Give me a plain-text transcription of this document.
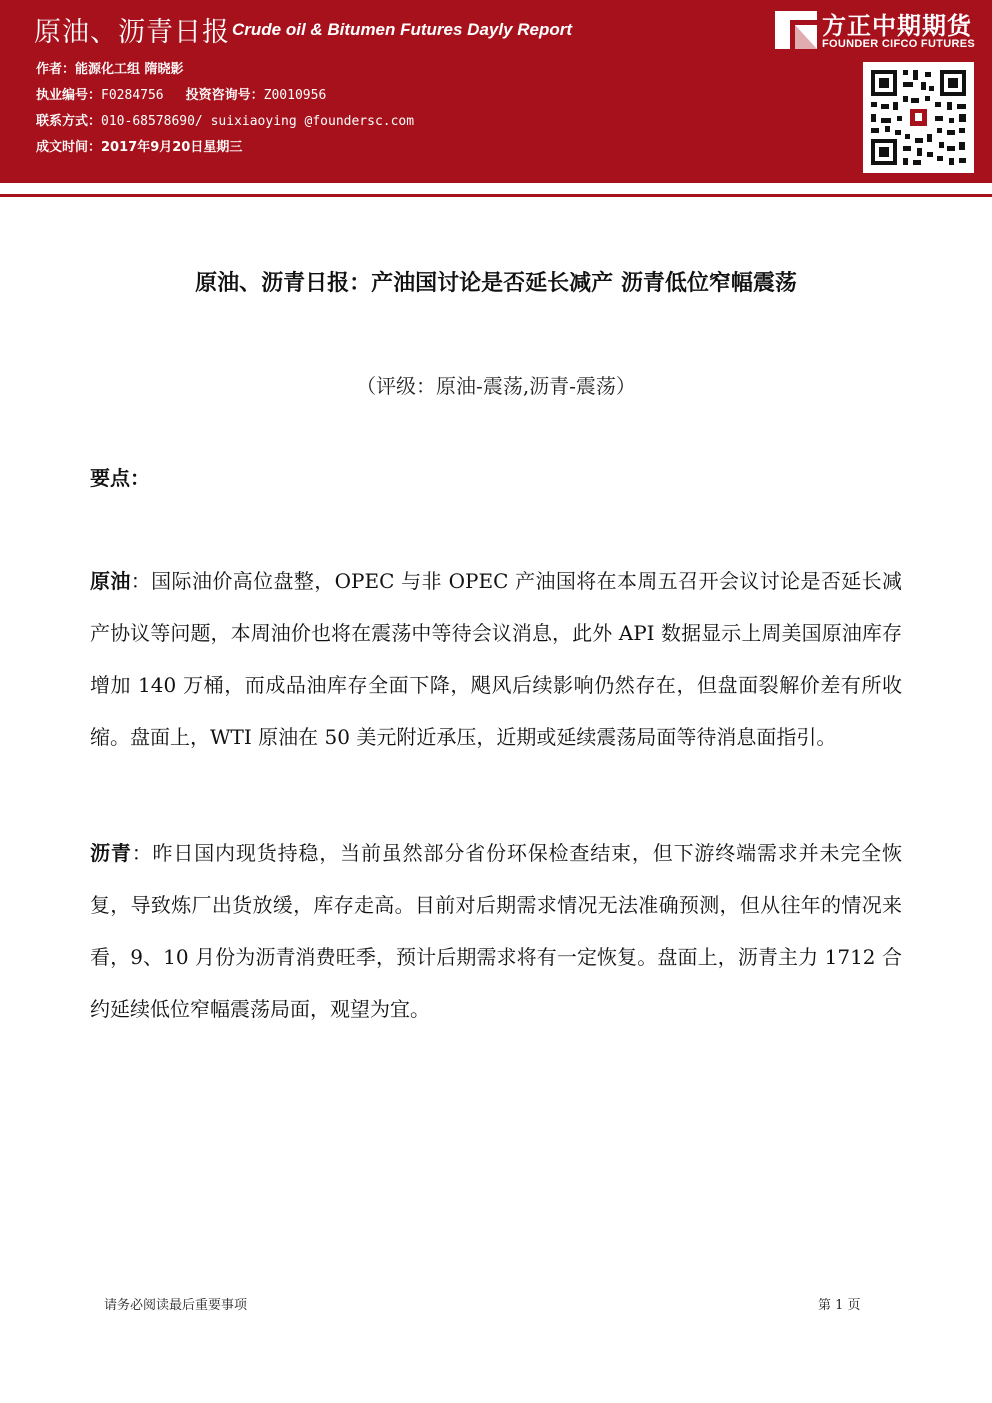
原油、沥青日报 Crude oil & Bitumen Futures Dayly Report
作者：能源化工组 隋晓影
执业编号：F0284756 投资咨询号：Z0010956
联系方式：010-68578690/ suixiaoying @foundersc.com
成文时间：2017年9月20日星期三
方正中期期货
FOUNDER CIFCO FUTURES
原油、沥青日报：产油国讨论是否延长减产 沥青低位窄幅震荡
（评级：原油-震荡,沥青-震荡）
要点：
原油：国际油价高位盘整，OPEC 与非 OPEC 产油国将在本周五召开会议讨论是否延长减产协议等问题，本周油价也将在震荡中等待会议消息，此外 API 数据显示上周美国原油库存增加 140 万桶，而成品油库存全面下降，飓风后续影响仍然存在，但盘面裂解价差有所收缩。盘面上，WTI 原油在 50 美元附近承压，近期或延续震荡局面等待消息面指引。
沥青：昨日国内现货持稳，当前虽然部分省份环保检查结束，但下游终端需求并未完全恢复，导致炼厂出货放缓，库存走高。目前对后期需求情况无法准确预测，但从往年的情况来看，9、10 月份为沥青消费旺季，预计后期需求将有一定恢复。盘面上，沥青主力 1712 合约延续低位窄幅震荡局面，观望为宜。
请务必阅读最后重要事项	第 1 页
